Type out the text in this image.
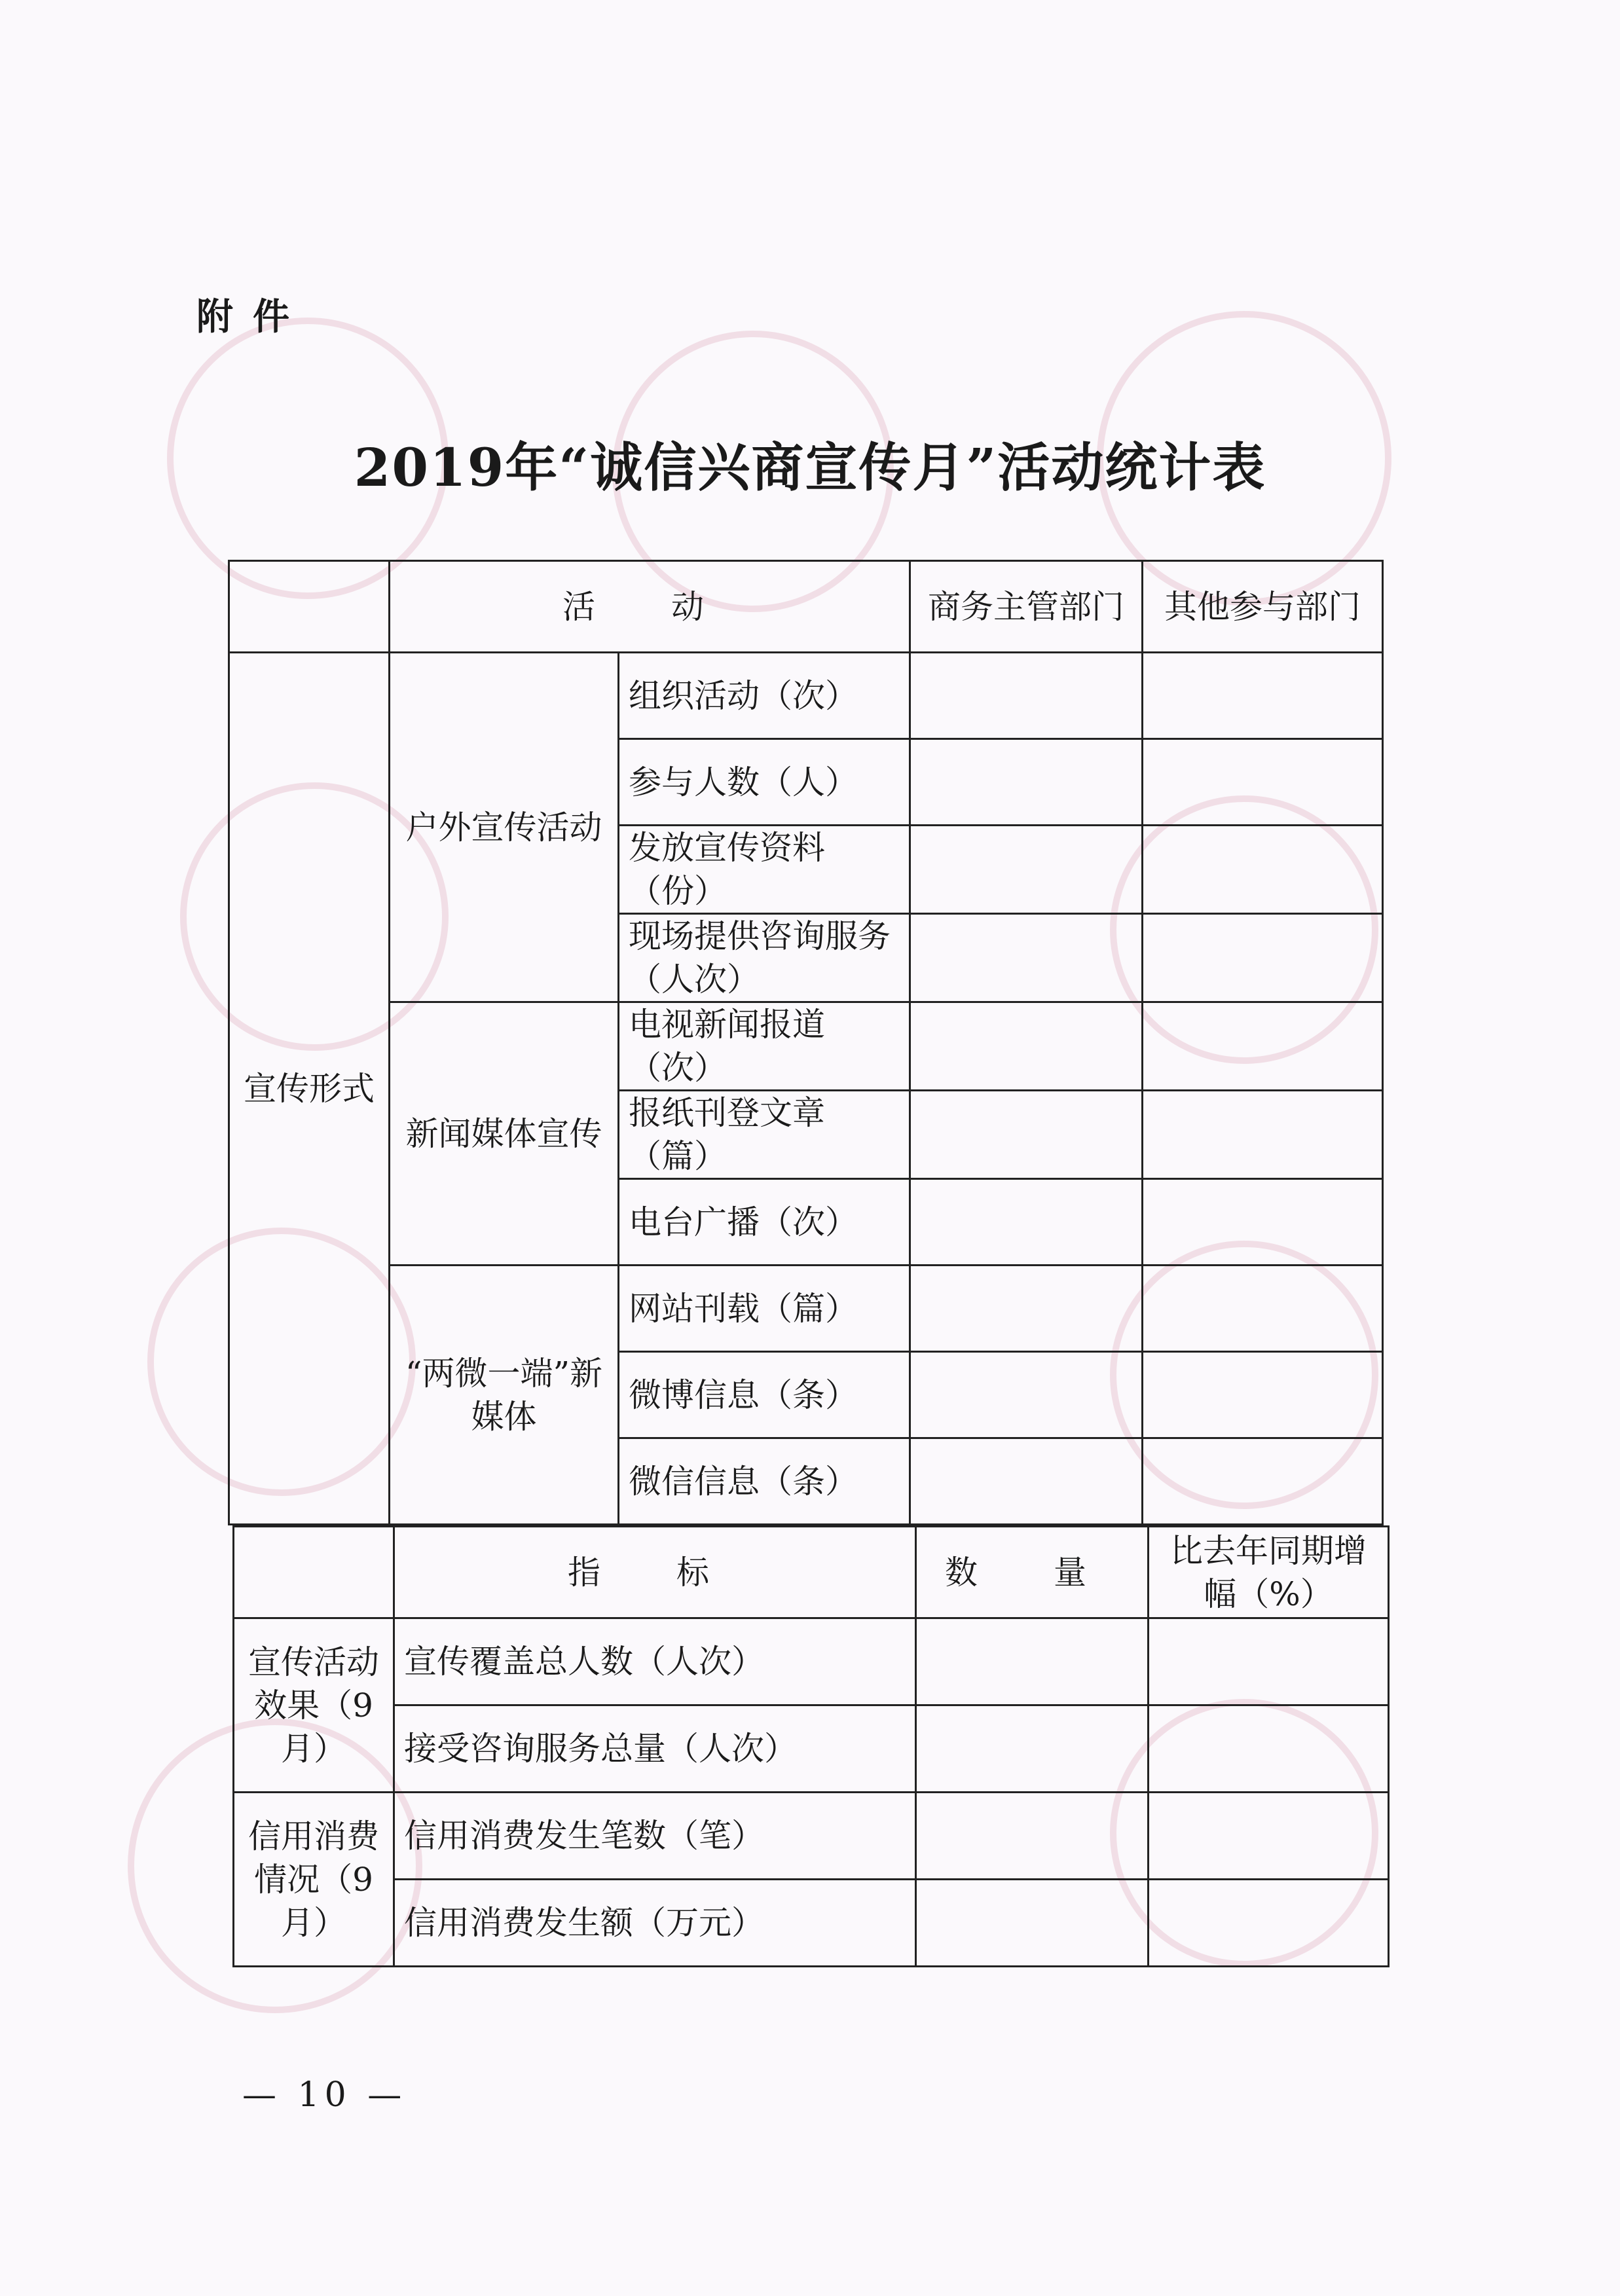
附件
2019年“诚信兴商宣传月”活动统计表
	活 动		商务主管部门	其他参与部门
宣传形式	户外宣传活动	组织活动（次）		
		参与人数（人）		
		发放宣传资料（份）		
		现场提供咨询服务（人次）		
	新闻媒体宣传	电视新闻报道（次）		
		报纸刊登文章（篇）		
		电台广播（次）		
	“两微一端”新媒体	网站刊载（篇）		
		微博信息（条）		
		微信信息（条）		
	指 标	数 量	比去年同期增幅（%）
宣传活动效果（9月）	宣传覆盖总人数（人次）		
	接受咨询服务总量（人次）		
信用消费情况（9月）	信用消费发生笔数（笔）		
	信用消费发生额（万元）		
— 10 —
